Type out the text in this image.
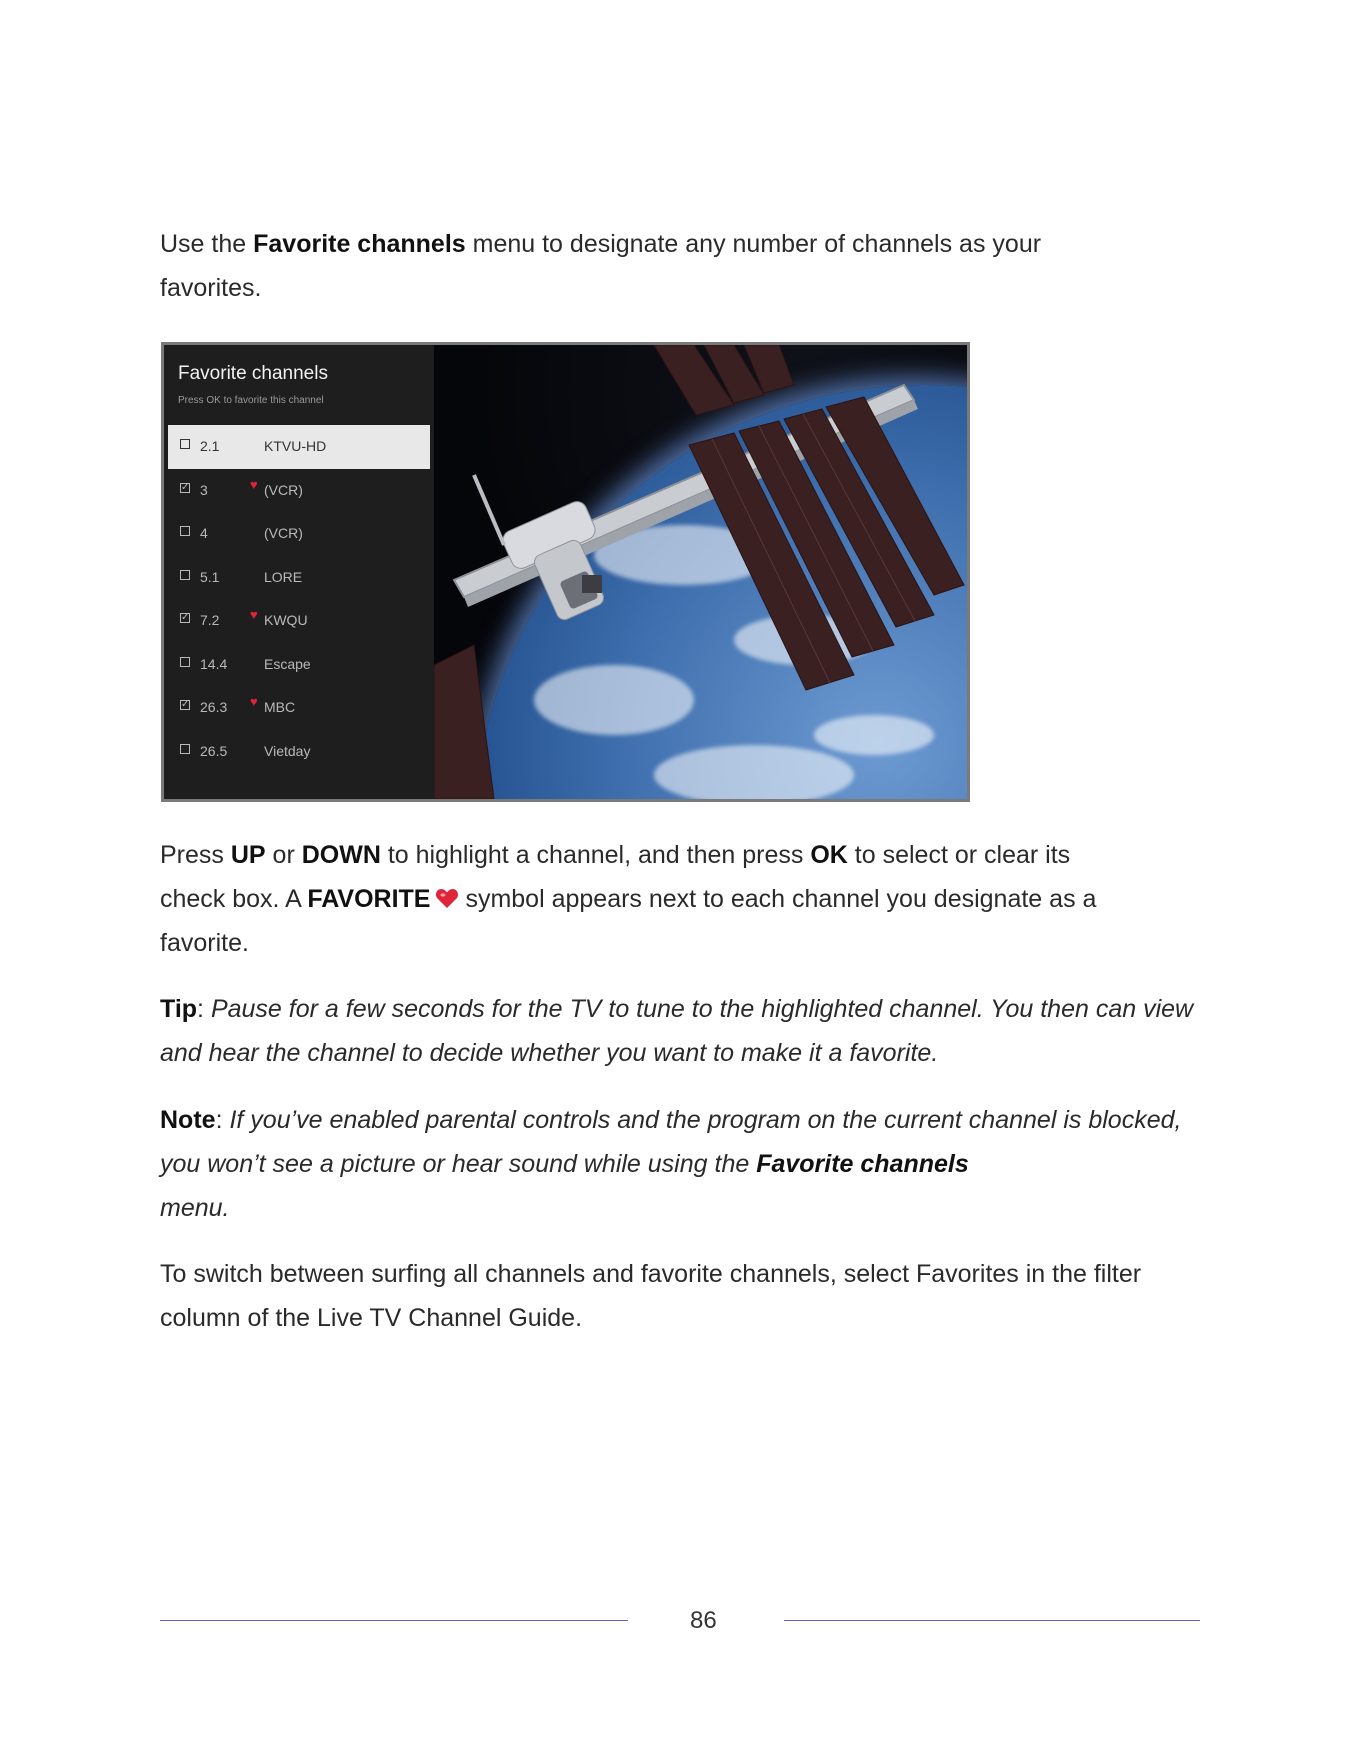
Use the Favorite channels menu to designate any number of channels as your
favorites.

Favorite channels
Press OK to favorite this channel
2.1	KTVU-HD
✓ 3	♥ (VCR)
4	(VCR)
5.1	LORE
✓ 7.2 ♥ KWQU
14.4	Escape
✓ 26.3 ♥ MBC
26.5	Vietday

Press UP or DOWN to highlight a channel, and then press OK to select or clear its
check box. A FAVORITE symbol appears next to each channel you designate as a
favorite.

Tip: Pause for a few seconds for the TV to tune to the highlighted channel. You then can view and hear the channel to decide whether you want to make it a favorite.

Note: If you’ve enabled parental controls and the program on the current channel is blocked, you won’t see a picture or hear sound while using the Favorite channels
menu.

To switch between surfing all channels and favorite channels, select Favorites in the filter column of the Live TV Channel Guide.

86
